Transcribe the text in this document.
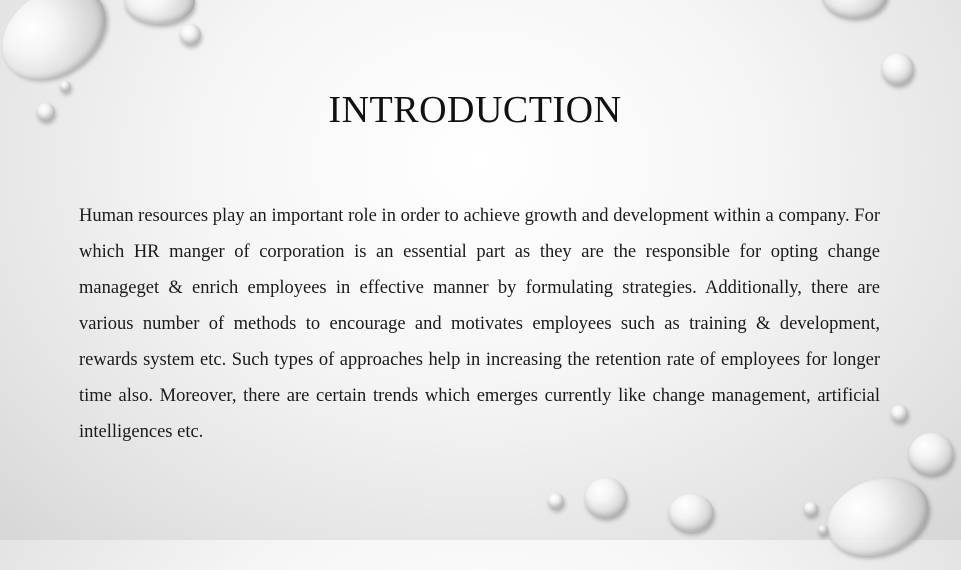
INTRODUCTION

Human resources play an important role in order to achieve growth and development within a company. For which HR manger of corporation is an essential part as they are the responsible for opting change manageget & enrich employees in effective manner by formulating strategies. Additionally, there are various number of methods to encourage and motivates employees such as training & development, rewards system etc. Such types of approaches help in increasing the retention rate of employees for longer time also. Moreover, there are certain trends which emerges currently like change management, artificial intelligences etc.
